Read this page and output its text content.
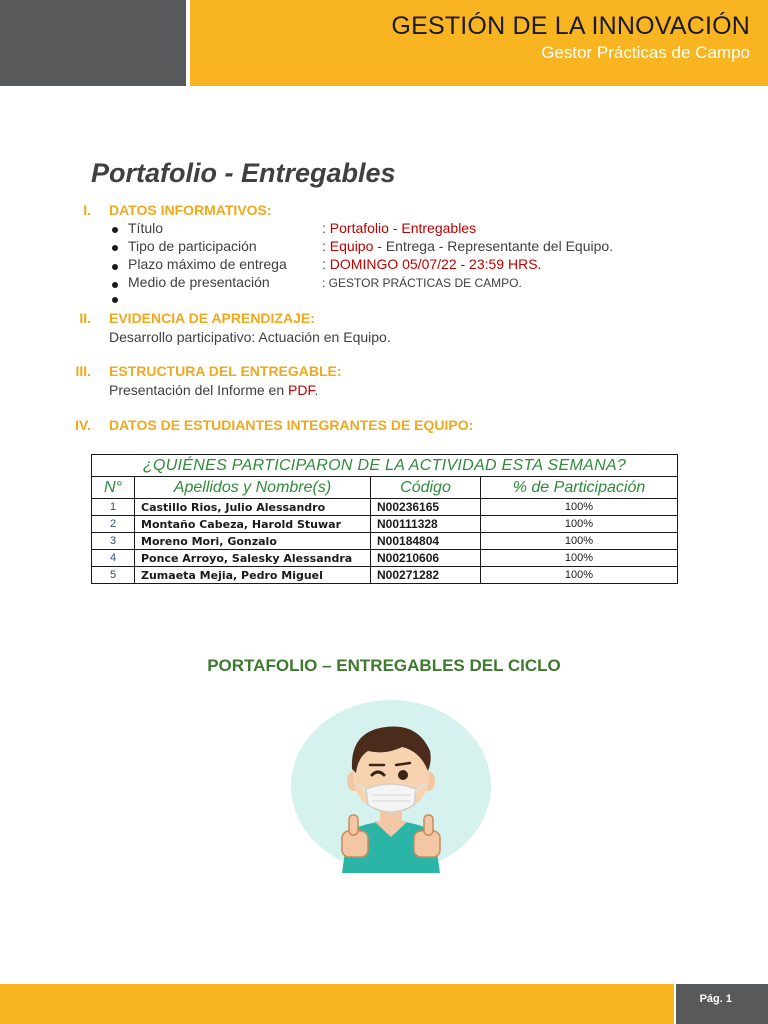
GESTIÓN DE LA INNOVACIÓN
Gestor Prácticas de Campo
Portafolio - Entregables
I. DATOS INFORMATIVOS:
Título	: Portafolio - Entregables
Tipo de participación	: Equipo - Entrega - Representante del Equipo.
Plazo máximo de entrega	: DOMINGO 05/07/22 - 23:59 HRS.
Medio de presentación	: GESTOR PRÁCTICAS DE CAMPO.
II. EVIDENCIA DE APRENDIZAJE:
Desarrollo participativo: Actuación en Equipo.
III. ESTRUCTURA DEL ENTREGABLE:
Presentación del Informe en PDF.
IV. DATOS DE ESTUDIANTES INTEGRANTES DE EQUIPO:
¿QUIÉNES PARTICIPARON DE LA ACTIVIDAD ESTA SEMANA?			
N°	Apellidos y Nombre(s)	Código	% de Participación
1	Castillo Rios, Julio Alessandro	N00236165	100%
2	Montaño Cabeza, Harold Stuwar	N00111328	100%
3	Moreno Mori, Gonzalo	N00184804	100%
4	Ponce Arroyo, Salesky Alessandra	N00210606	100%
5	Zumaeta Mejia, Pedro Miguel	N00271282	100%
PORTAFOLIO – ENTREGABLES DEL CICLO
Pág. 1
